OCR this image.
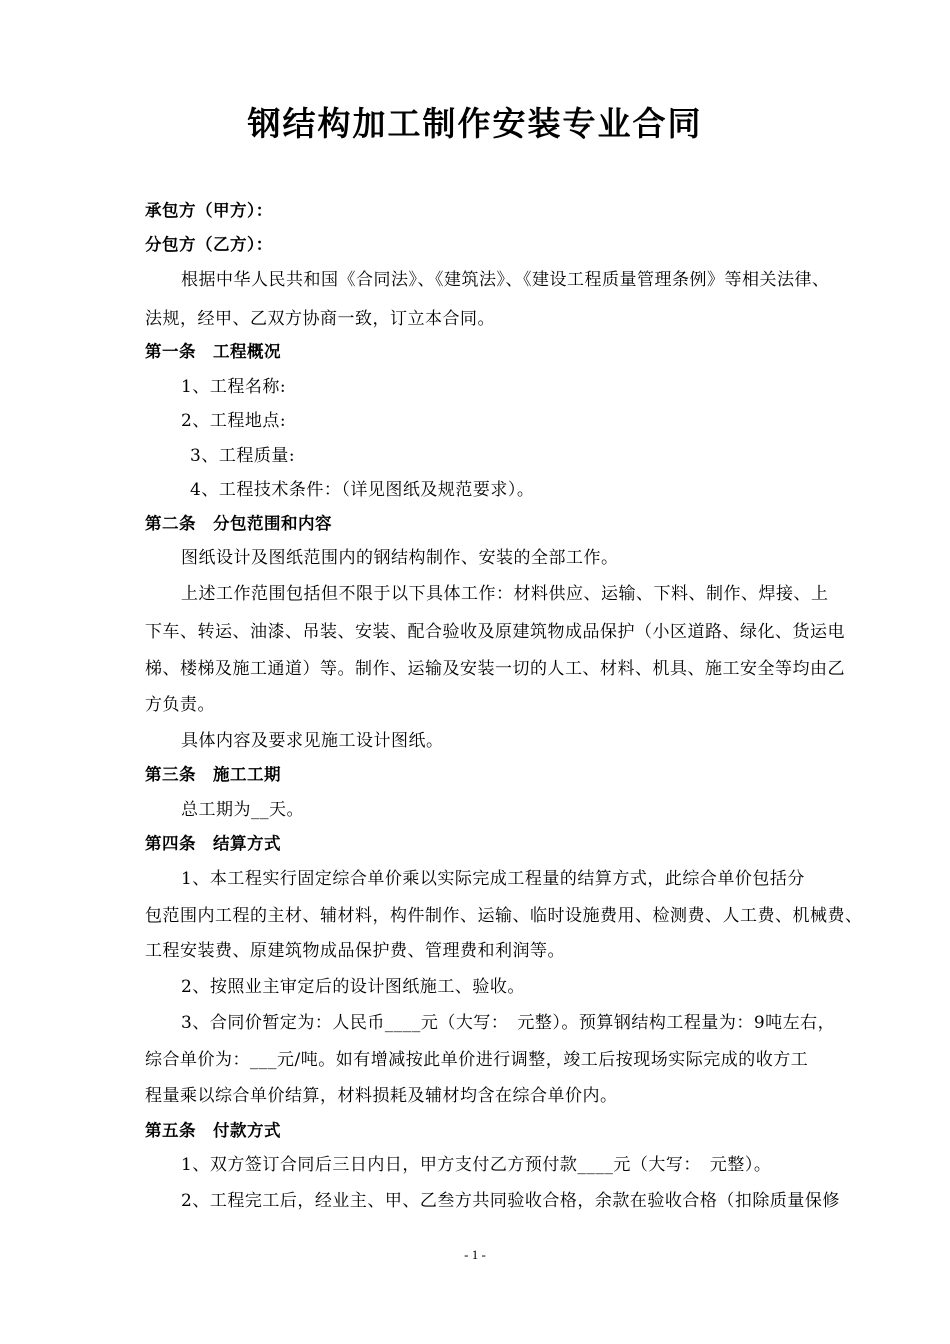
钢结构加工制作安装专业合同
承包方（甲方）：
分包方（乙方）：
根据中华人民共和国《合同法》、《建筑法》、《建设工程质量管理条例》等相关法律、
法规，经甲、乙双方协商一致，订立本合同。
第一条　工程概况
1、工程名称:
2、工程地点:
3、工程质量:
4、工程技术条件：（详见图纸及规范要求）。
第二条　分包范围和内容
图纸设计及图纸范围内的钢结构制作、安装的全部工作。
上述工作范围包括但不限于以下具体工作：材料供应、运输、下料、制作、焊接、上
下车、转运、油漆、吊装、安装、配合验收及原建筑物成品保护（小区道路、绿化、货运电
梯、楼梯及施工通道）等。制作、运输及安装一切的人工、材料、机具、施工安全等均由乙
方负责。
具体内容及要求见施工设计图纸。
第三条　施工工期
总工期为__天。
第四条　结算方式
1、本工程实行固定综合单价乘以实际完成工程量的结算方式，此综合单价包括分
包范围内工程的主材、辅材料，构件制作、运输、临时设施费用、检测费、人工费、机械费、
工程安装费、原建筑物成品保护费、管理费和利润等。
2、按照业主审定后的设计图纸施工、验收。
3、合同价暂定为：人民币____元（大写：　元整）。预算钢结构工程量为：9吨左右，
综合单价为：___元/吨。如有增减按此单价进行调整，竣工后按现场实际完成的收方工
程量乘以综合单价结算，材料损耗及辅材均含在综合单价内。
第五条　付款方式
1、双方签订合同后三日内日，甲方支付乙方预付款____元（大写：　元整）。
2、工程完工后，经业主、甲、乙叁方共同验收合格，余款在验收合格（扣除质量保修
- 1 -
